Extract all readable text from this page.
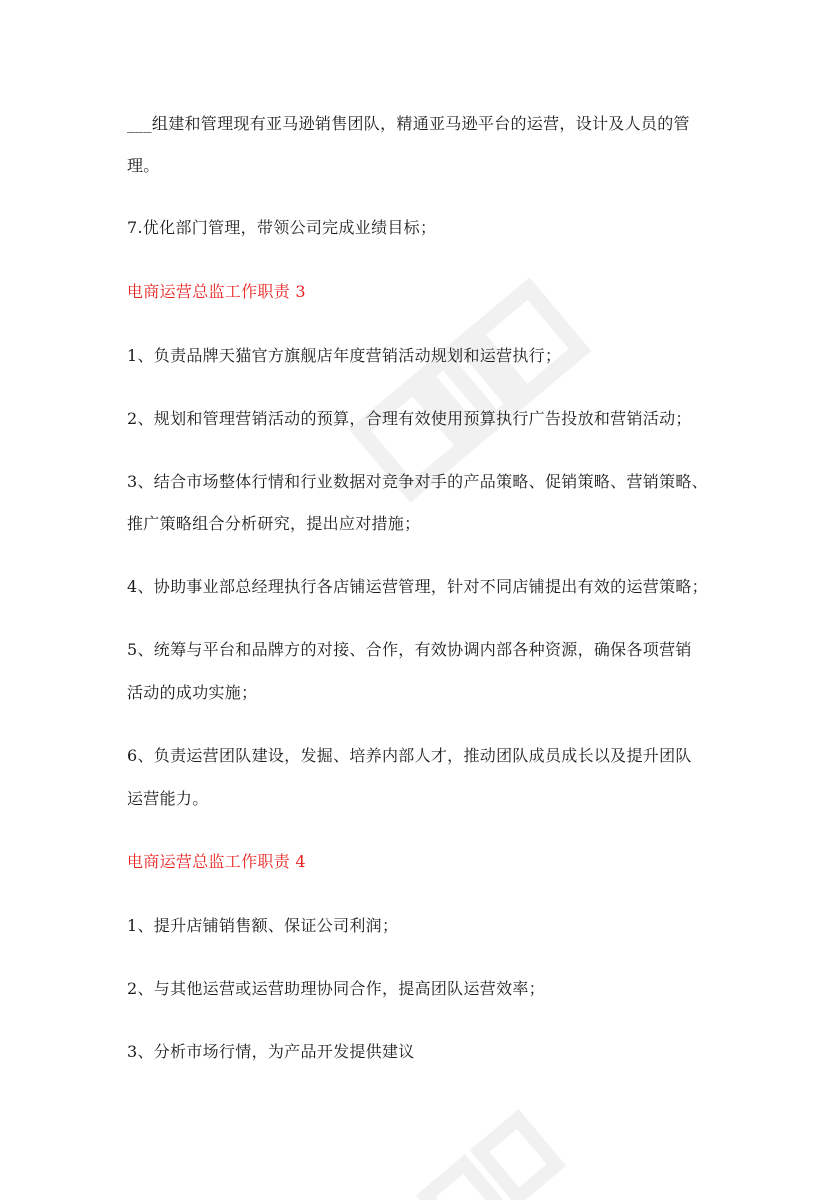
___组建和管理现有亚马逊销售团队，精通亚马逊平台的运营，设计及人员的管
理。
7.优化部门管理，带领公司完成业绩目标；
电商运营总监工作职责 3
1、负责品牌天猫官方旗舰店年度营销活动规划和运营执行；
2、规划和管理营销活动的预算，合理有效使用预算执行广告投放和营销活动；
3、结合市场整体行情和行业数据对竞争对手的产品策略、促销策略、营销策略、
推广策略组合分析研究，提出应对措施；
4、协助事业部总经理执行各店铺运营管理，针对不同店铺提出有效的运营策略；
5、统筹与平台和品牌方的对接、合作，有效协调内部各种资源，确保各项营销
活动的成功实施；
6、负责运营团队建设，发掘、培养内部人才，推动团队成员成长以及提升团队
运营能力。
电商运营总监工作职责 4
1、提升店铺销售额、保证公司利润；
2、与其他运营或运营助理协同合作，提高团队运营效率；
3、分析市场行情，为产品开发提供建议
